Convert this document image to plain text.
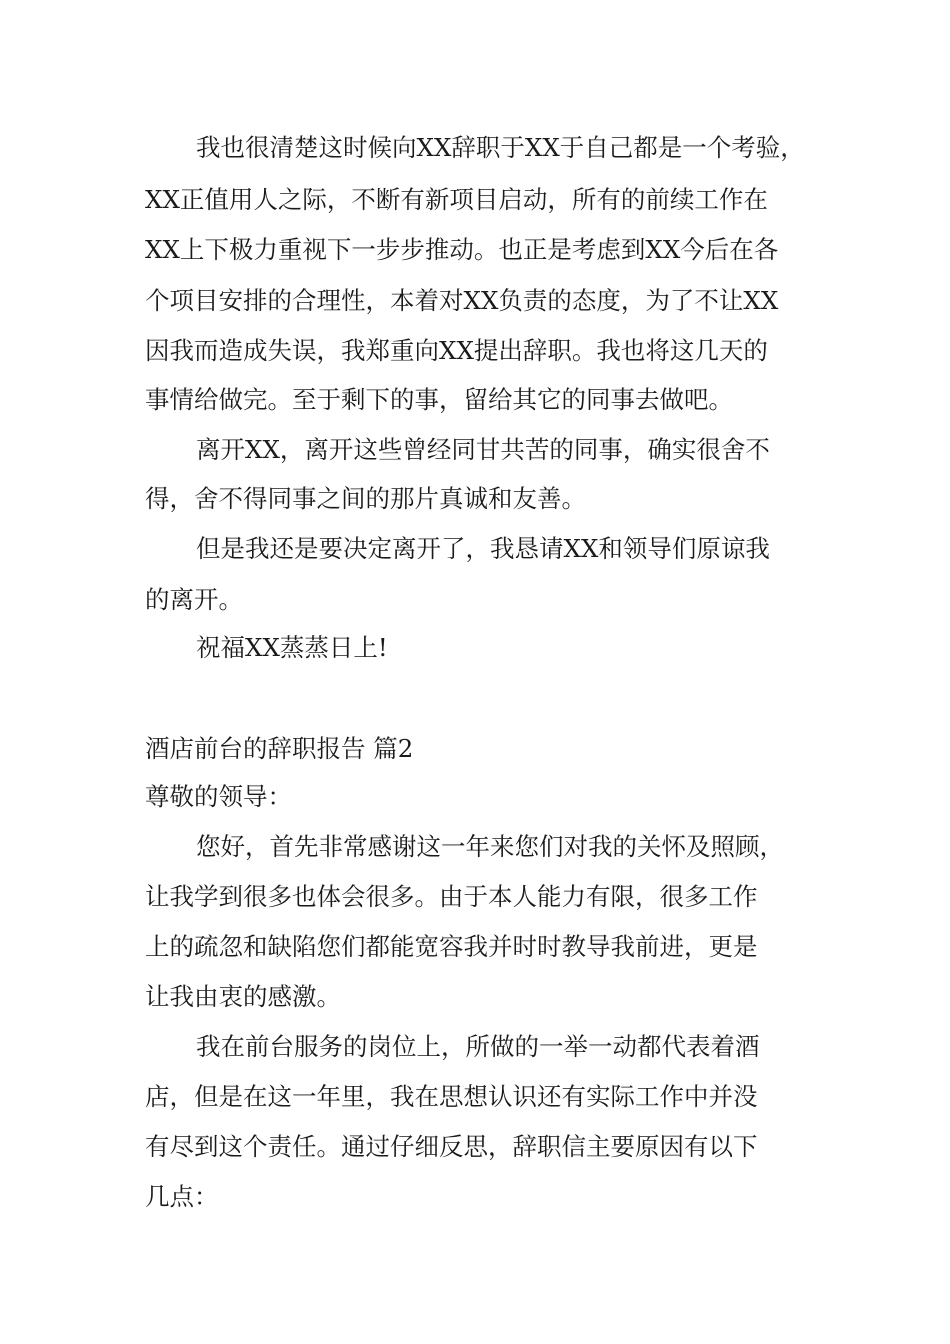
我也很清楚这时候向XX辞职于XX于自己都是一个考验，

XX正值用人之际，不断有新项目启动，所有的前续工作在

XX上下极力重视下一步步推动。也正是考虑到XX今后在各

个项目安排的合理性，本着对XX负责的态度，为了不让XX

因我而造成失误，我郑重向XX提出辞职。我也将这几天的

事情给做完。至于剩下的事，留给其它的同事去做吧。

离开XX，离开这些曾经同甘共苦的同事，确实很舍不

得，舍不得同事之间的那片真诚和友善。

但是我还是要决定离开了，我恳请XX和领导们原谅我

的离开。

祝福XX蒸蒸日上!

酒店前台的辞职报告 篇2

尊敬的领导：

您好，首先非常感谢这一年来您们对我的关怀及照顾，

让我学到很多也体会很多。由于本人能力有限，很多工作

上的疏忽和缺陷您们都能宽容我并时时教导我前进，更是

让我由衷的感激。

我在前台服务的岗位上，所做的一举一动都代表着酒

店，但是在这一年里，我在思想认识还有实际工作中并没

有尽到这个责任。通过仔细反思，辞职信主要原因有以下

几点：
